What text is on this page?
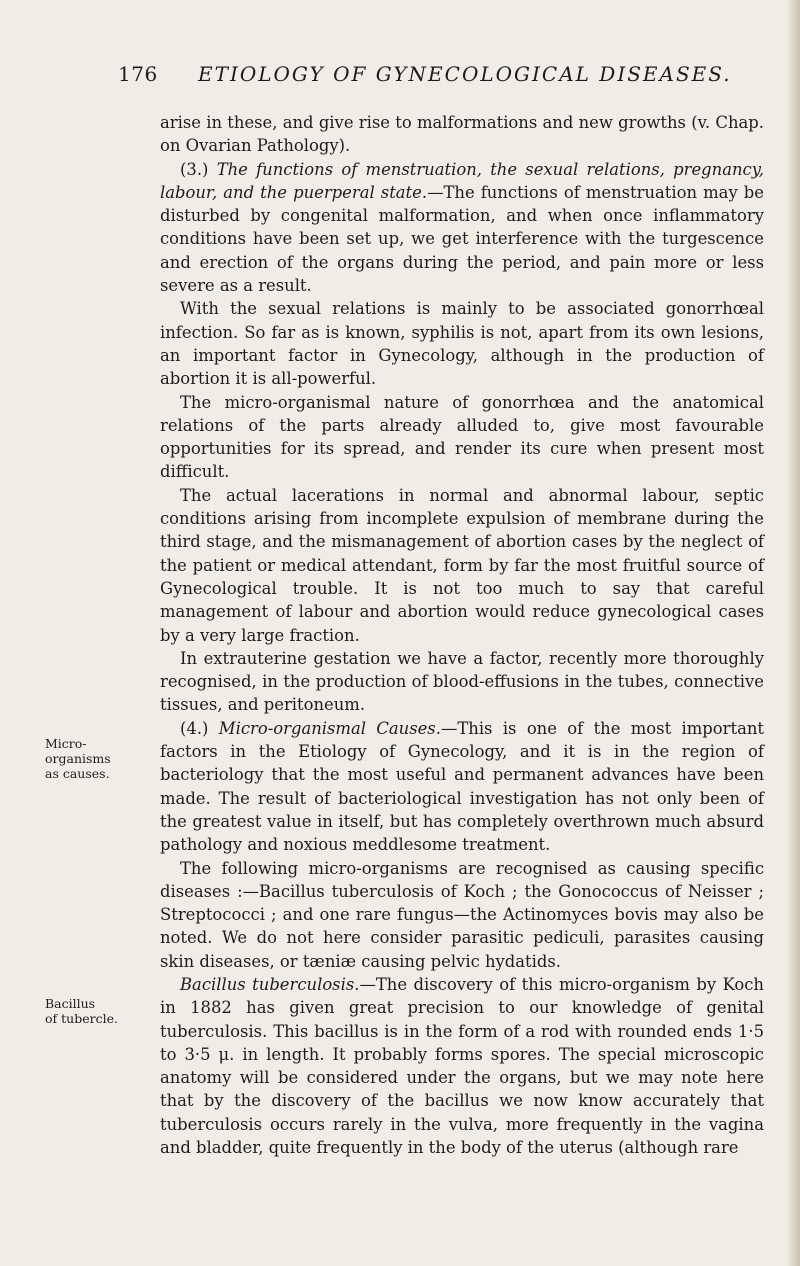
176 ETIOLOGY OF GYNECOLOGICAL DISEASES.
Micro-
organisms
as causes.
Bacillus
of tubercle.

arise in these, and give rise to malformations and new growths (v. Chap. on Ovarian Pathology).

(3.) The functions of menstruation, the sexual relations, pregnancy, labour, and the puerperal state.—The functions of menstruation may be disturbed by congenital malformation, and when once inflammatory conditions have been set up, we get interference with the turgescence and erection of the organs during the period, and pain more or less severe as a result.

With the sexual relations is mainly to be associated gonorrhœal infection. So far as is known, syphilis is not, apart from its own lesions, an important factor in Gynecology, although in the production of abortion it is all-powerful.

The micro-organismal nature of gonorrhœa and the anatomical relations of the parts already alluded to, give most favourable opportunities for its spread, and render its cure when present most difficult.

The actual lacerations in normal and abnormal labour, septic conditions arising from incomplete expulsion of membrane during the third stage, and the mismanagement of abortion cases by the neglect of the patient or medical attendant, form by far the most fruitful source of Gynecological trouble. It is not too much to say that careful management of labour and abortion would reduce gynecological cases by a very large fraction.

In extrauterine gestation we have a factor, recently more thoroughly recognised, in the production of blood-effusions in the tubes, connective tissues, and peritoneum.

(4.) Micro-organismal Causes.—This is one of the most important factors in the Etiology of Gynecology, and it is in the region of bacteriology that the most useful and permanent advances have been made. The result of bacteriological investigation has not only been of the greatest value in itself, but has completely overthrown much absurd pathology and noxious meddlesome treatment.

The following micro-organisms are recognised as causing specific diseases :—Bacillus tuberculosis of Koch ; the Gonococcus of Neisser ; Streptococci ; and one rare fungus—the Actinomyces bovis may also be noted. We do not here consider parasitic pediculi, parasites causing skin diseases, or tæniæ causing pelvic hydatids.

Bacillus tuberculosis.—The discovery of this micro-organism by Koch in 1882 has given great precision to our knowledge of genital tuberculosis. This bacillus is in the form of a rod with rounded ends 1·5 to 3·5 μ. in length. It probably forms spores. The special microscopic anatomy will be considered under the organs, but we may note here that by the discovery of the bacillus we now know accurately that tuberculosis occurs rarely in the vulva, more frequently in the vagina and bladder, quite frequently in the body of the uterus (although rare
